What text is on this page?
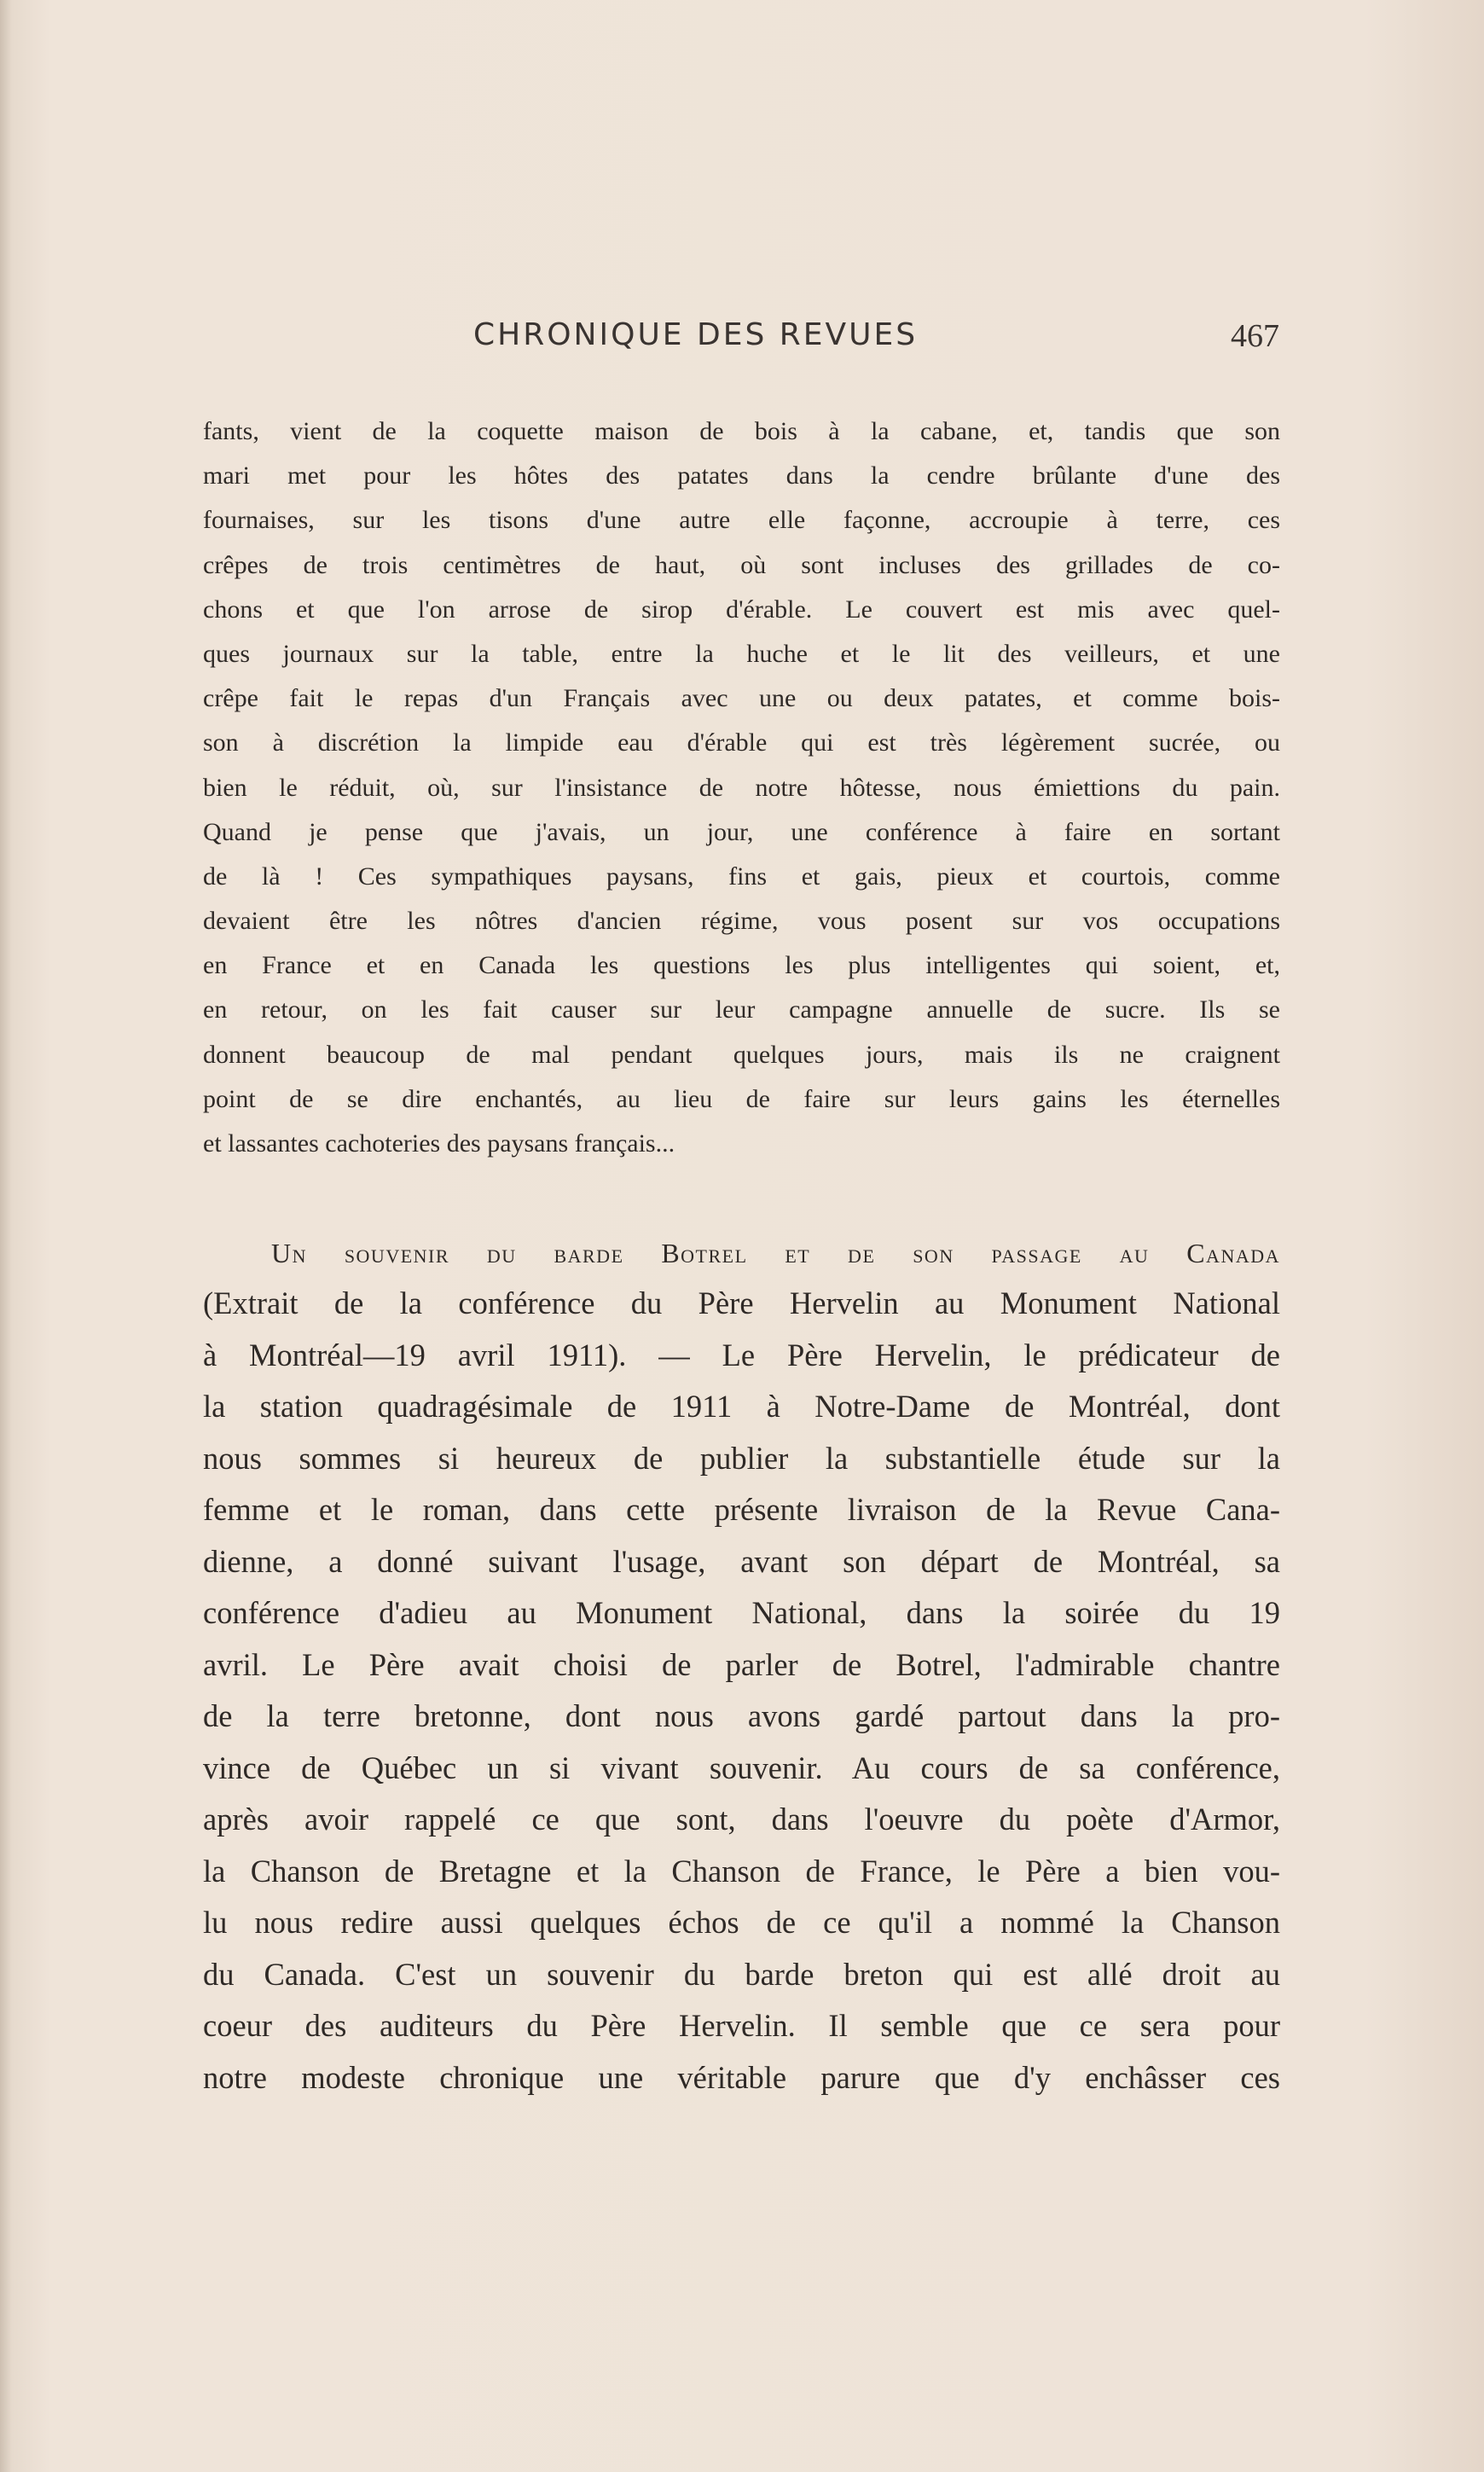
CHRONIQUE DES REVUES	467
fants, vient de la coquette maison de bois à la cabane, et, tandis que son
mari met pour les hôtes des patates dans la cendre brûlante d'une des
fournaises, sur les tisons d'une autre elle façonne, accroupie à terre, ces
crêpes de trois centimètres de haut, où sont incluses des grillades de co-
chons et que l'on arrose de sirop d'érable. Le couvert est mis avec quel-
ques journaux sur la table, entre la huche et le lit des veilleurs, et une
crêpe fait le repas d'un Français avec une ou deux patates, et comme bois-
son à discrétion la limpide eau d'érable qui est très légèrement sucrée, ou
bien le réduit, où, sur l'insistance de notre hôtesse, nous émiettions du pain.
Quand je pense que j'avais, un jour, une conférence à faire en sortant
de là ! Ces sympathiques paysans, fins et gais, pieux et courtois, comme
devaient être les nôtres d'ancien régime, vous posent sur vos occupations
en France et en Canada les questions les plus intelligentes qui soient, et,
en retour, on les fait causer sur leur campagne annuelle de sucre. Ils se
donnent beaucoup de mal pendant quelques jours, mais ils ne craignent
point de se dire enchantés, au lieu de faire sur leurs gains les éternelles
et lassantes cachoteries des paysans français...
Un souvenir du barde Botrel et de son passage au Canada
(Extrait de la conférence du Père Hervelin au Monument National
à Montréal—19 avril 1911). — Le Père Hervelin, le prédicateur de
la station quadragésimale de 1911 à Notre-Dame de Montréal, dont
nous sommes si heureux de publier la substantielle étude sur la
femme et le roman, dans cette présente livraison de la Revue Cana-
dienne, a donné suivant l'usage, avant son départ de Montréal, sa
conférence d'adieu au Monument National, dans la soirée du 19
avril. Le Père avait choisi de parler de Botrel, l'admirable chantre
de la terre bretonne, dont nous avons gardé partout dans la pro-
vince de Québec un si vivant souvenir. Au cours de sa conférence,
après avoir rappelé ce que sont, dans l'oeuvre du poète d'Armor,
la Chanson de Bretagne et la Chanson de France, le Père a bien vou-
lu nous redire aussi quelques échos de ce qu'il a nommé la Chanson
du Canada. C'est un souvenir du barde breton qui est allé droit au
coeur des auditeurs du Père Hervelin. Il semble que ce sera pour
notre modeste chronique une véritable parure que d'y enchâsser ces
